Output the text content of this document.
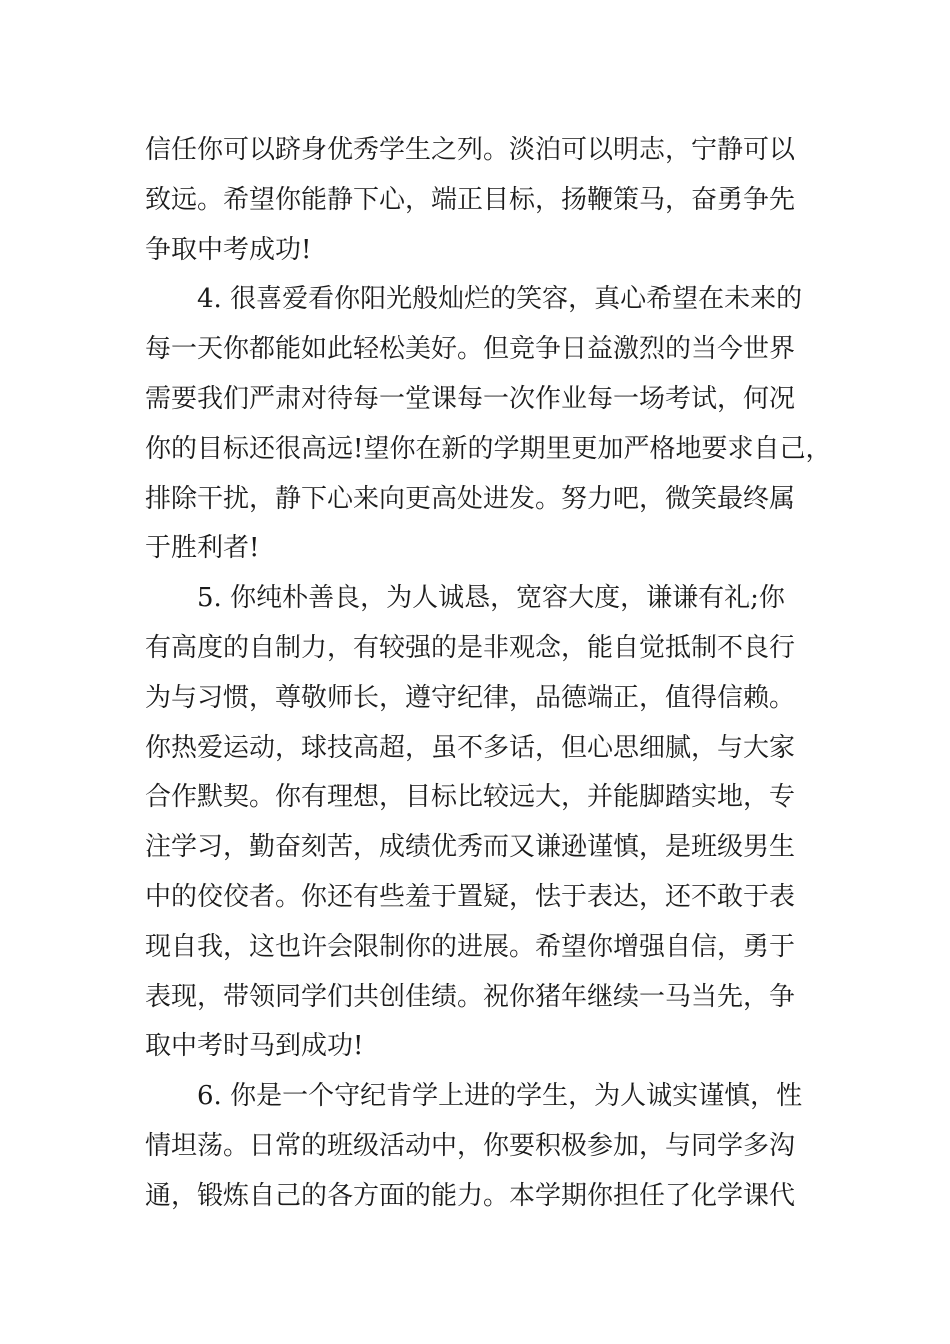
信任你可以跻身优秀学生之列。淡泊可以明志，宁静可以
致远。希望你能静下心，端正目标，扬鞭策马，奋勇争先
争取中考成功!
4. 很喜爱看你阳光般灿烂的笑容，真心希望在未来的
每一天你都能如此轻松美好。但竞争日益激烈的当今世界
需要我们严肃对待每一堂课每一次作业每一场考试，何况
你的目标还很高远!望你在新的学期里更加严格地要求自己，
排除干扰，静下心来向更高处进发。努力吧，微笑最终属
于胜利者!
5. 你纯朴善良，为人诚恳，宽容大度，谦谦有礼;你
有高度的自制力，有较强的是非观念，能自觉抵制不良行
为与习惯，尊敬师长，遵守纪律，品德端正，值得信赖。
你热爱运动，球技高超，虽不多话，但心思细腻，与大家
合作默契。你有理想，目标比较远大，并能脚踏实地，专
注学习，勤奋刻苦，成绩优秀而又谦逊谨慎，是班级男生
中的佼佼者。你还有些羞于置疑，怯于表达，还不敢于表
现自我，这也许会限制你的进展。希望你增强自信，勇于
表现，带领同学们共创佳绩。祝你猪年继续一马当先，争
取中考时马到成功!
6. 你是一个守纪肯学上进的学生，为人诚实谨慎，性
情坦荡。日常的班级活动中，你要积极参加，与同学多沟
通，锻炼自己的各方面的能力。本学期你担任了化学课代
